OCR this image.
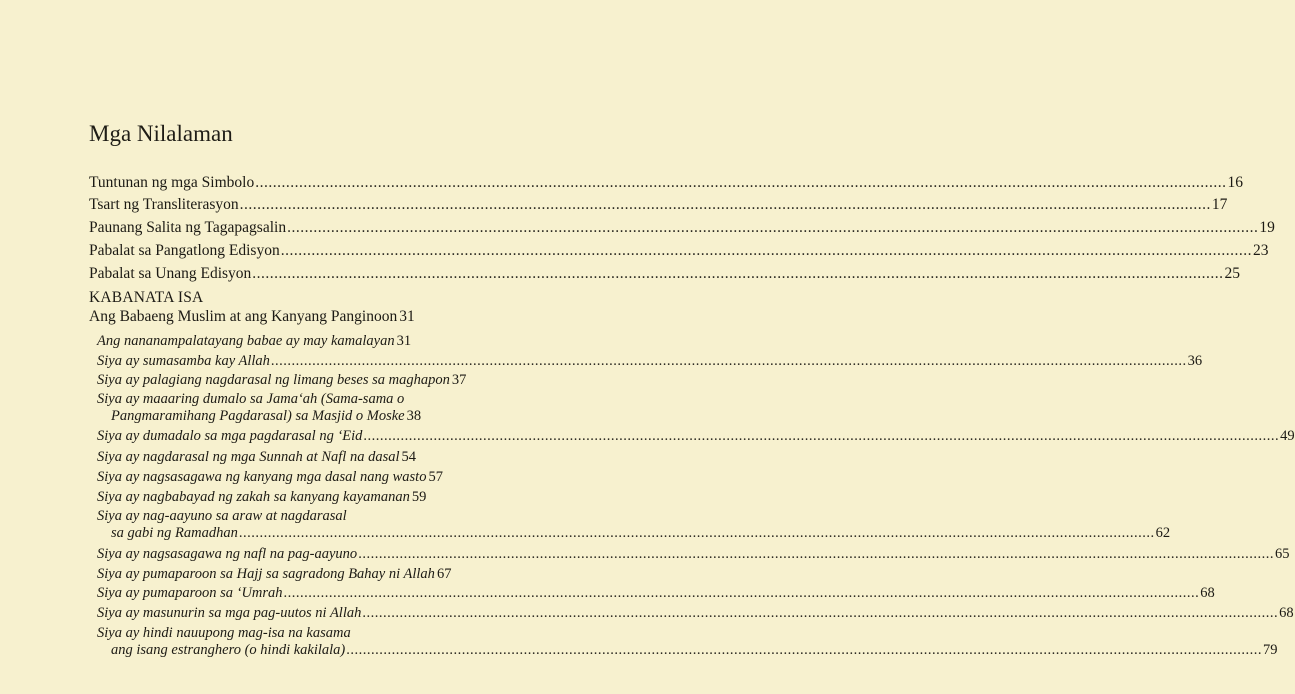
Mga Nilalaman
Tuntunan ng mga Simbolo .....	16
Tsart ng Transliterasyon .....	17
Paunang Salita ng Tagapagsalin .....	19
Pabalat sa Pangatlong Edisyon .....	23
Pabalat sa Unang Edisyon .....	25
KABANATA ISA
Ang Babaeng Muslim at ang Kanyang Panginoon 31
Ang nananampalatayang babae ay may kamalayan 31
Siya ay sumasamba kay Allah .....	36
Siya ay palagiang nagdarasal ng limang beses sa maghapon 37
Siya ay maaaring dumalo sa Jama‘ah (Sama-sama o
Pangmaramihang Pagdarasal) sa Masjid o Moske 38
Siya ay dumadalo sa mga pagdarasal ng ‘Eid .....	49
Siya ay nagdarasal ng mga Sunnah at Nafl na dasal 54
Siya ay nagsasagawa ng kanyang mga dasal nang wasto 57
Siya ay nagbabayad ng zakah sa kanyang kayamanan 59
Siya ay nag-aayuno sa araw at nagdarasal
sa gabi ng Ramadhan .....	62
Siya ay nagsasagawa ng nafl na pag-aayuno .....	65
Siya ay pumaparoon sa Hajj sa sagradong Bahay ni Allah 67
Siya ay pumaparoon sa ‘Umrah .....	68
Siya ay masunurin sa mga pag-uutos ni Allah .....	68
Siya ay hindi nauupong mag-isa na kasama
ang isang estranghero (o hindi kakilala) .....	79
